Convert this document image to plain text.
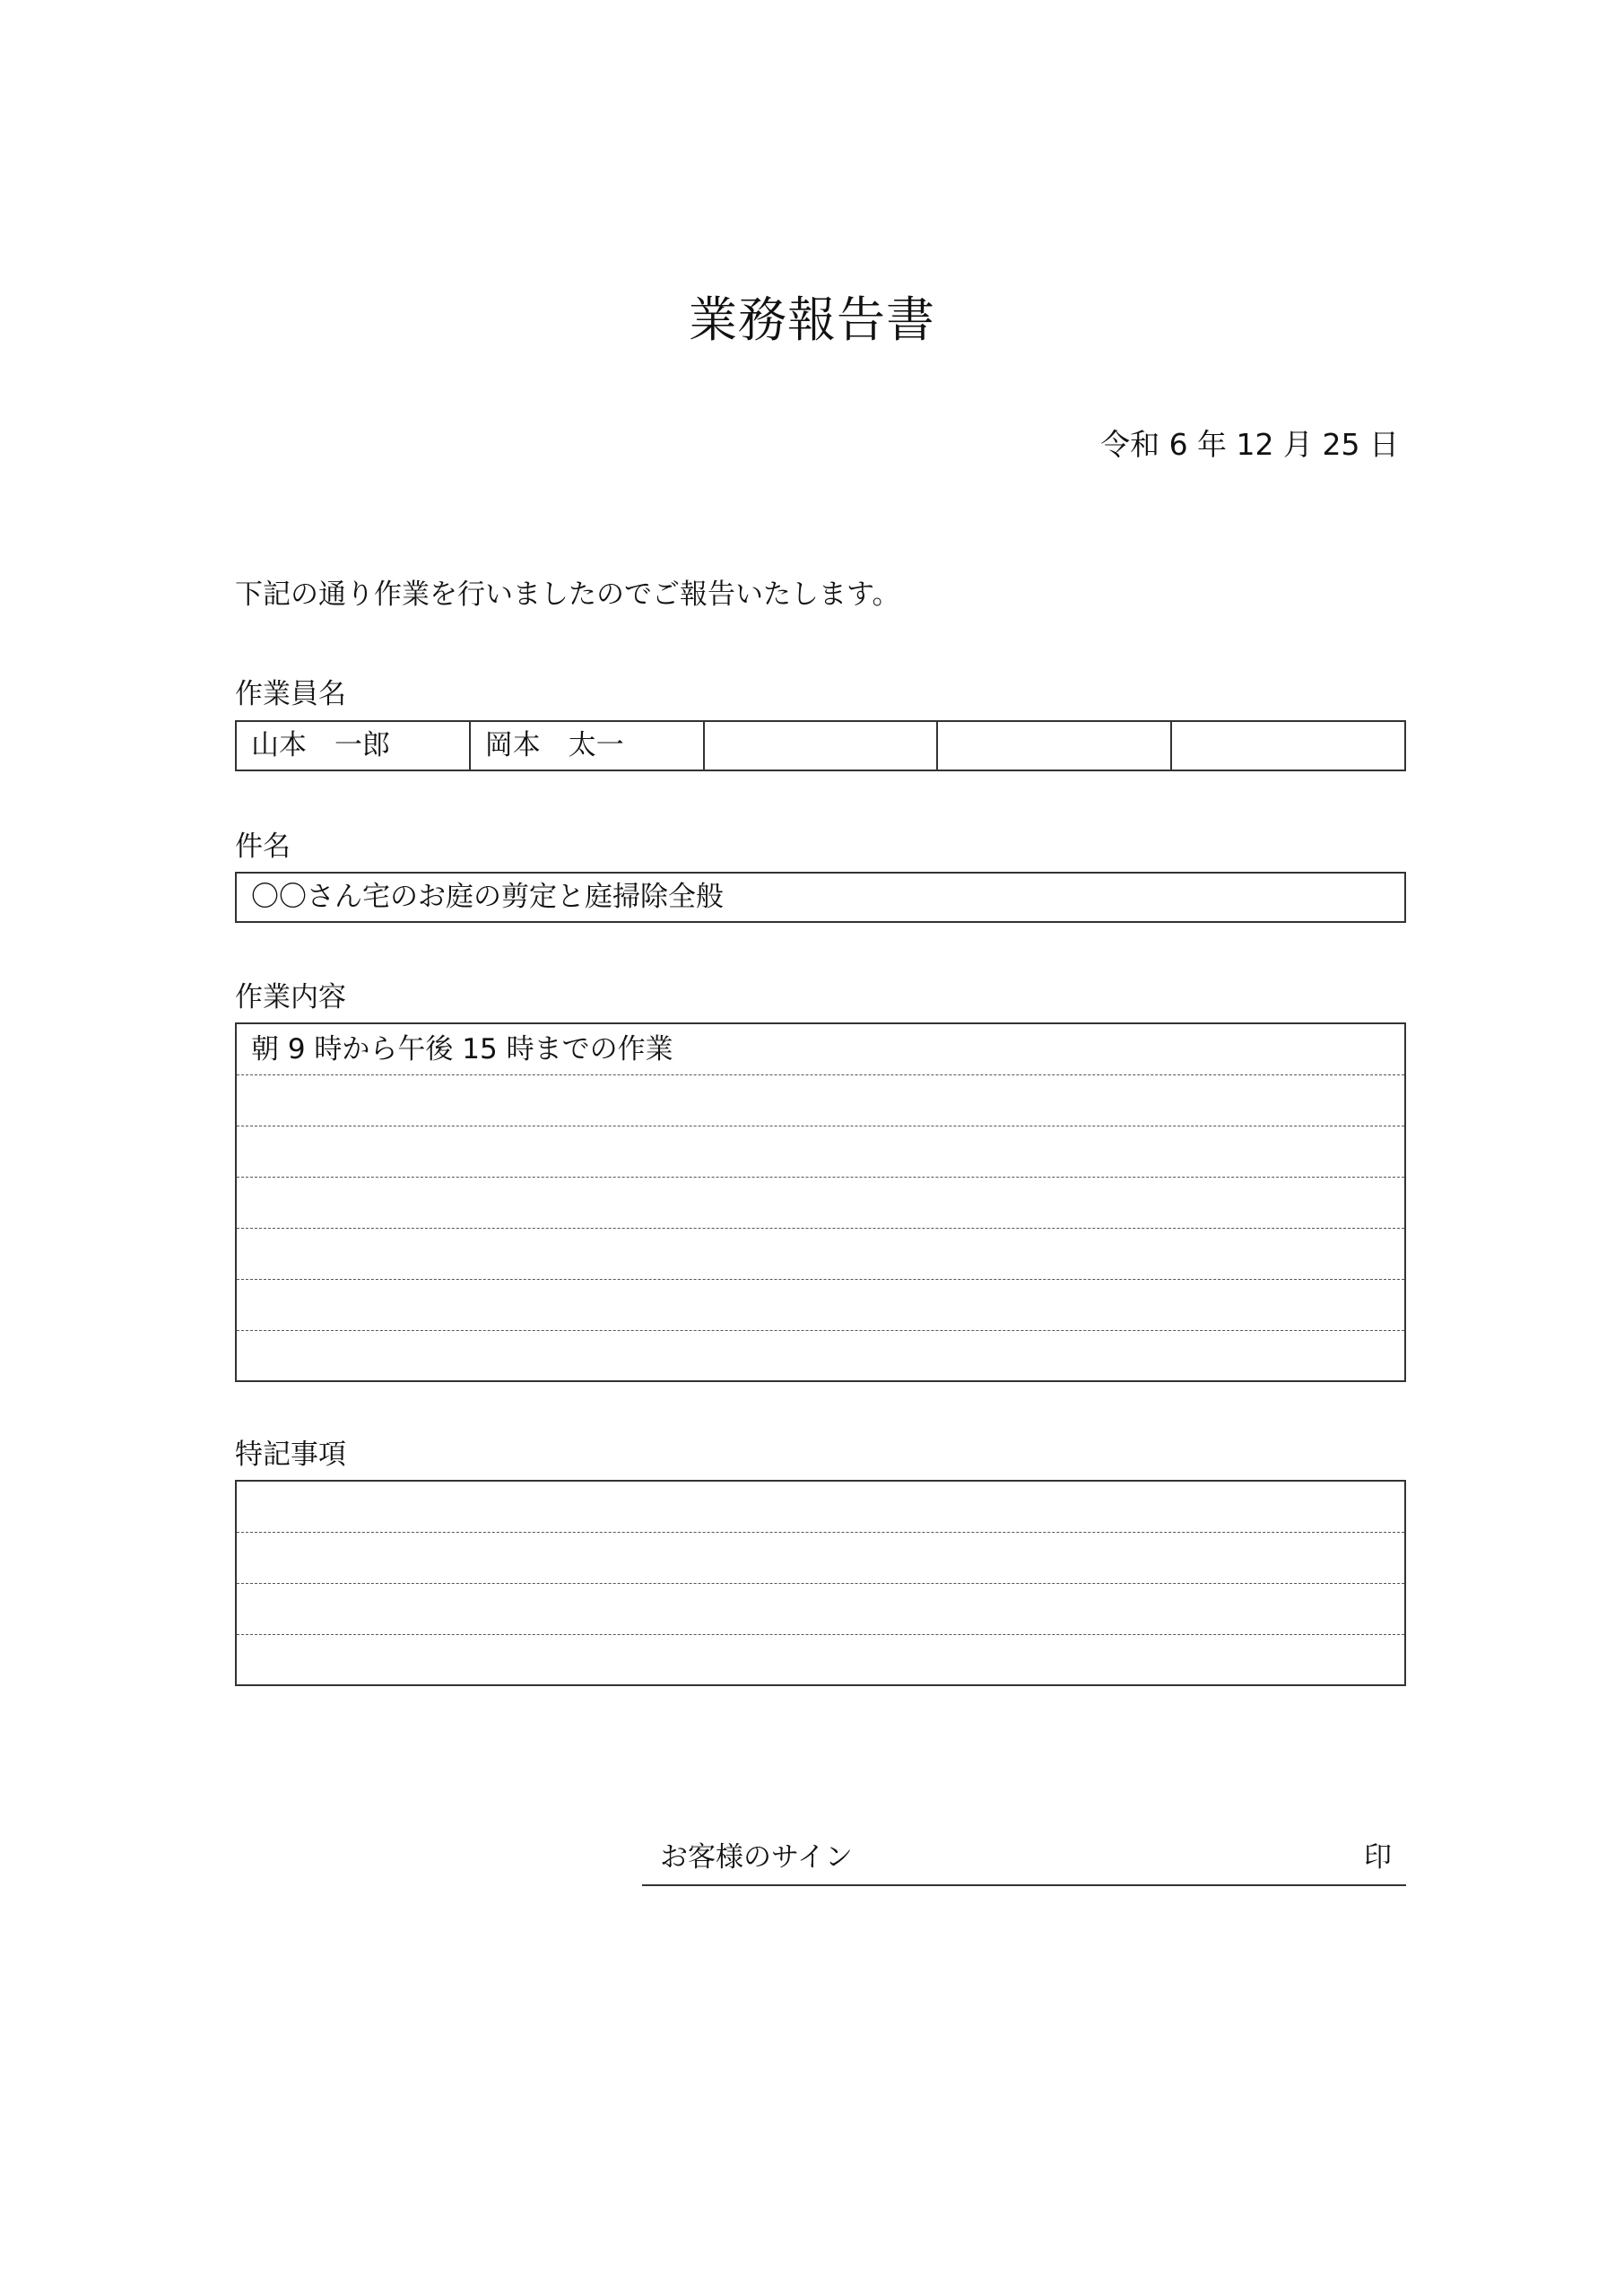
業務報告書
令和 6 年 12 月 25 日
下記の通り作業を行いましたのでご報告いたします。
作業員名
山本　一郎	岡本　太一
件名
〇〇さん宅のお庭の剪定と庭掃除全般
作業内容
朝 9 時から午後 15 時までの作業
特記事項
お客様のサイン	印
